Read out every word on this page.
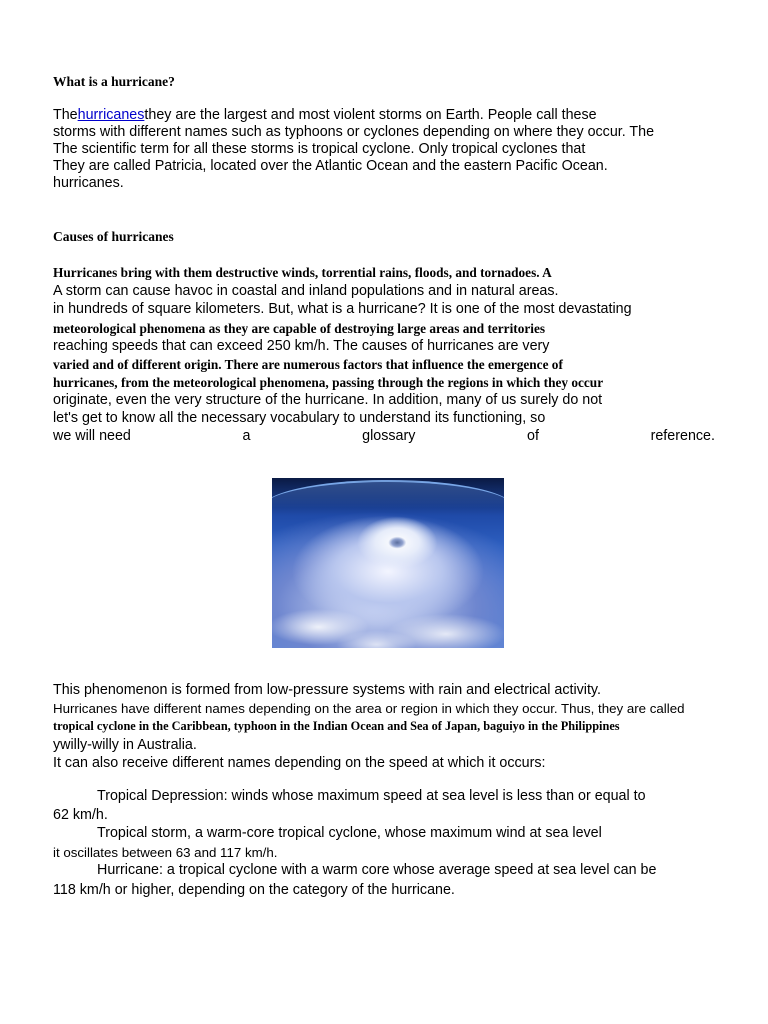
What is a hurricane?
Thehurricanesthey are the largest and most violent storms on Earth. People call these
storms with different names such as typhoons or cyclones depending on where they occur. The
The scientific term for all these storms is tropical cyclone. Only tropical cyclones that
They are called Patricia, located over the Atlantic Ocean and the eastern Pacific Ocean.
hurricanes.
Causes of hurricanes
Hurricanes bring with them destructive winds, torrential rains, floods, and tornadoes. A
A storm can cause havoc in coastal and inland populations and in natural areas.
in hundreds of square kilometers. But, what is a hurricane? It is one of the most devastating
meteorological phenomena as they are capable of destroying large areas and territories
reaching speeds that can exceed 250 km/h. The causes of hurricanes are very
varied and of different origin. There are numerous factors that influence the emergence of
hurricanes, from the meteorological phenomena, passing through the regions in which they occur
originate, even the very structure of the hurricane. In addition, many of us surely do not
let's get to know all the necessary vocabulary to understand its functioning, so
we will need	a	glossary	of	reference.
This phenomenon is formed from low-pressure systems with rain and electrical activity.
Hurricanes have different names depending on the area or region in which they occur. Thus, they are called
tropical cyclone in the Caribbean, typhoon in the Indian Ocean and Sea of Japan, baguiyo in the Philippines
ywilly-willy in Australia.
It can also receive different names depending on the speed at which it occurs:
Tropical Depression: winds whose maximum speed at sea level is less than or equal to
62 km/h.
Tropical storm, a warm-core tropical cyclone, whose maximum wind at sea level
it oscillates between 63 and 117 km/h.
Hurricane: a tropical cyclone with a warm core whose average speed at sea level can be
118 km/h or higher, depending on the category of the hurricane.
